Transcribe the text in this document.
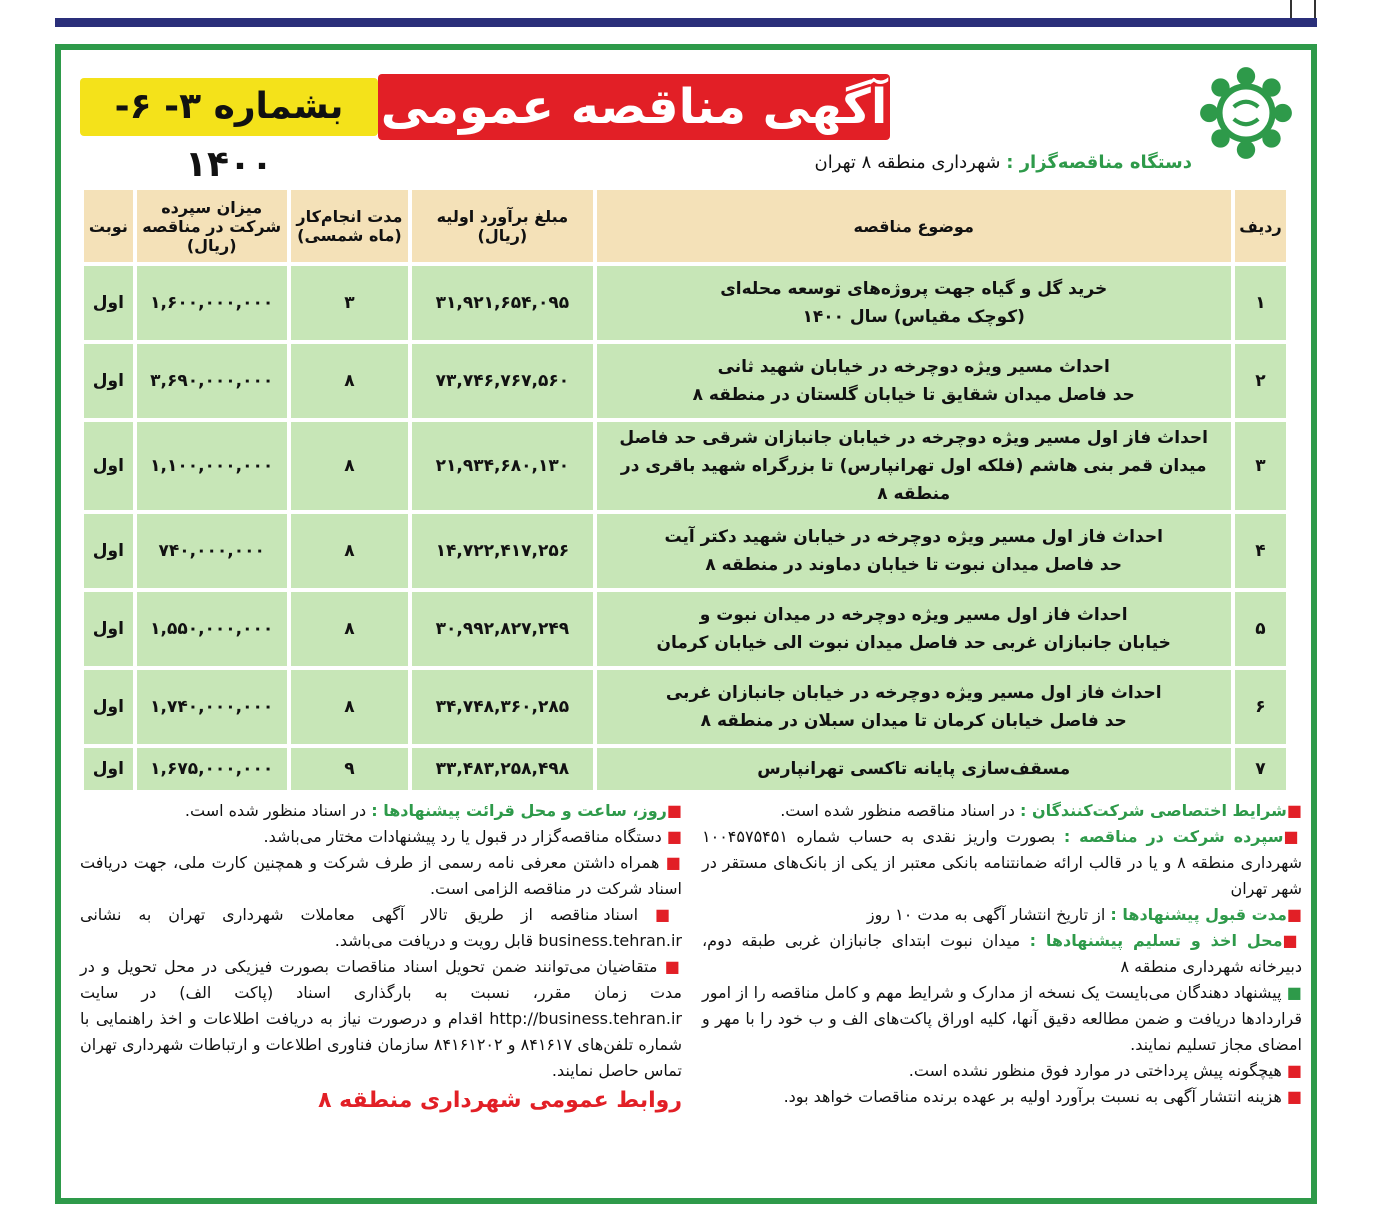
آگهی مناقصه عمومی
بشماره ۳- ۶- ۱۴۰۰	دستگاه مناقصه‌گزار : شهرداری منطقه ۸ تهران
ردیف	موضوع مناقصه	مبلغ برآورد اولیه (ریال)	مدت انجام‌کار (ماه شمسی)	میزان سپرده شرکت در مناقصه (ریال)	نوبت
۱	خرید گل و گیاه جهت پروژه‌های توسعه محله‌ای
(کوچک مقیاس) سال ۱۴۰۰	۳۱,۹۲۱,۶۵۴,۰۹۵	۳	۱,۶۰۰,۰۰۰,۰۰۰	اول
۲	احداث مسیر ویژه دوچرخه در خیابان شهید ثانی
حد فاصل میدان شقایق تا خیابان گلستان در منطقه ۸	۷۳,۷۴۶,۷۶۷,۵۶۰	۸	۳,۶۹۰,۰۰۰,۰۰۰	اول
۳	احداث فاز اول مسیر ویژه دوچرخه در خیابان جانبازان شرقی حد فاصل
میدان قمر بنی هاشم (فلکه اول تهرانپارس) تا بزرگراه شهید باقری در منطقه ۸	۲۱,۹۳۴,۶۸۰,۱۳۰	۸	۱,۱۰۰,۰۰۰,۰۰۰	اول
۴	احداث فاز اول مسیر ویژه دوچرخه در خیابان شهید دکتر آیت
حد فاصل میدان نبوت تا خیابان دماوند در منطقه ۸	۱۴,۷۲۲,۴۱۷,۲۵۶	۸	۷۴۰,۰۰۰,۰۰۰	اول
۵	احداث فاز اول مسیر ویژه دوچرخه در میدان نبوت و
خیابان جانبازان غربی حد فاصل میدان نبوت الی خیابان کرمان	۳۰,۹۹۲,۸۲۷,۲۴۹	۸	۱,۵۵۰,۰۰۰,۰۰۰	اول
۶	احداث فاز اول مسیر ویژه دوچرخه در خیابان جانبازان غربی
حد فاصل خیابان کرمان تا میدان سبلان در منطقه ۸	۳۴,۷۴۸,۳۶۰,۲۸۵	۸	۱,۷۴۰,۰۰۰,۰۰۰	اول
۷	مسقف‌سازی پایانه تاکسی تهرانپارس	۳۳,۴۸۳,۲۵۸,۴۹۸	۹	۱,۶۷۵,۰۰۰,۰۰۰	اول

■شرایط اختصاصی شرکت‌کنندگان : در اسناد مناقصه منظور شده است.

■سپرده شرکت در مناقصه : بصورت واریز نقدی به حساب شماره ۱۰۰۴۵۷۵۴۵۱ شهرداری منطقه ۸ و یا در قالب ارائه ضمانتنامه بانکی معتبر از یکی از بانک‌های مستقر در شهر تهران

■مدت قبول پیشنهادها : از تاریخ انتشار آگهی به مدت ۱۰ روز

■محل اخذ و تسلیم پیشنهادها : میدان نبوت ابتدای جانبازان غربی طبقه دوم، دبیرخانه شهرداری منطقه ۸

■ پیشنهاد دهندگان می‌بایست یک نسخه از مدارک و شرایط مهم و کامل مناقصه را از امور قراردادها دریافت و ضمن مطالعه دقیق آنها، کلیه اوراق پاکت‌های الف و ب خود را با مهر و امضای مجاز تسلیم نمایند.

■ هیچگونه پیش پرداختی در موارد فوق منظور نشده است.

■ هزینه انتشار آگهی به نسبت برآورد اولیه بر عهده برنده مناقصات خواهد بود.

■روز، ساعت و محل قرائت پیشنهادها : در اسناد منظور شده است.

■ دستگاه مناقصه‌گزار در قبول یا رد پیشنهادات مختار می‌باشد.

■ همراه داشتن معرفی نامه رسمی از طرف شرکت و همچنین کارت ملی، جهت دریافت اسناد شرکت در مناقصه الزامی است.

■ اسناد مناقصه از طریق تالار آگهی معاملات شهرداری تهران به نشانی business.tehran.ir قابل رویت و دریافت می‌باشد.

■ متقاضیان می‌توانند ضمن تحویل اسناد مناقصات بصورت فیزیکی در محل تحویل و در مدت زمان مقرر، نسبت به بارگذاری اسناد (پاکت الف) در سایت http://business.tehran.ir اقدام و درصورت نیاز به دریافت اطلاعات و اخذ راهنمایی با شماره تلفن‌های ۸۴۱۶۱۷ و ۸۴۱۶۱۲۰۲ سازمان فناوری اطلاعات و ارتباطات شهرداری تهران تماس حاصل نمایند.

روابط عمومی شهرداری منطقه ۸
